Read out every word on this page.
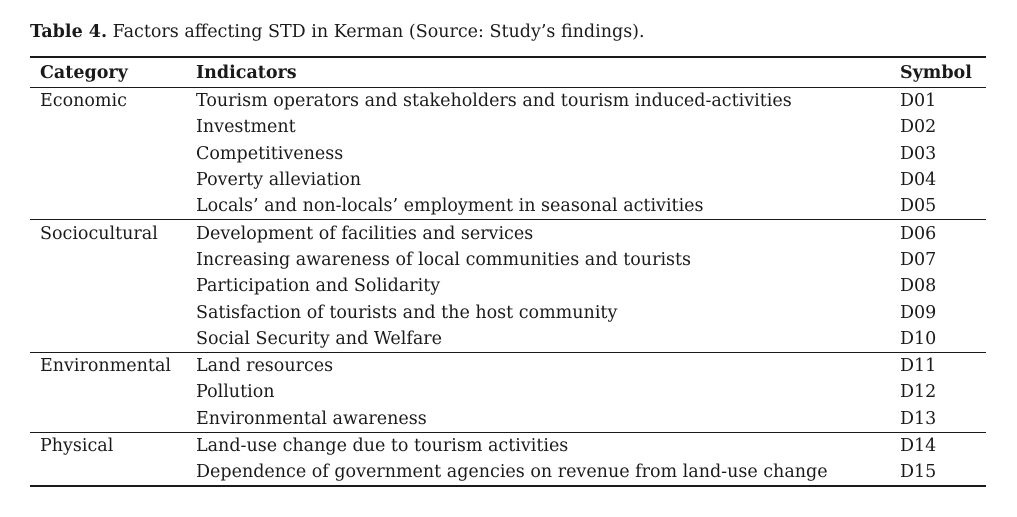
Table 4. Factors affecting STD in Kerman (Source: Study’s findings).
Category	Indicators	Symbol
Economic	Tourism operators and stakeholders and tourism induced-activities	D01
	Investment	D02
	Competitiveness	D03
	Poverty alleviation	D04
	Locals’ and non-locals’ employment in seasonal activities	D05
Sociocultural	Development of facilities and services	D06
	Increasing awareness of local communities and tourists	D07
	Participation and Solidarity	D08
	Satisfaction of tourists and the host community	D09
	Social Security and Welfare	D10
Environmental	Land resources	D11
	Pollution	D12
	Environmental awareness	D13
Physical	Land-use change due to tourism activities	D14
	Dependence of government agencies on revenue from land-use change	D15
